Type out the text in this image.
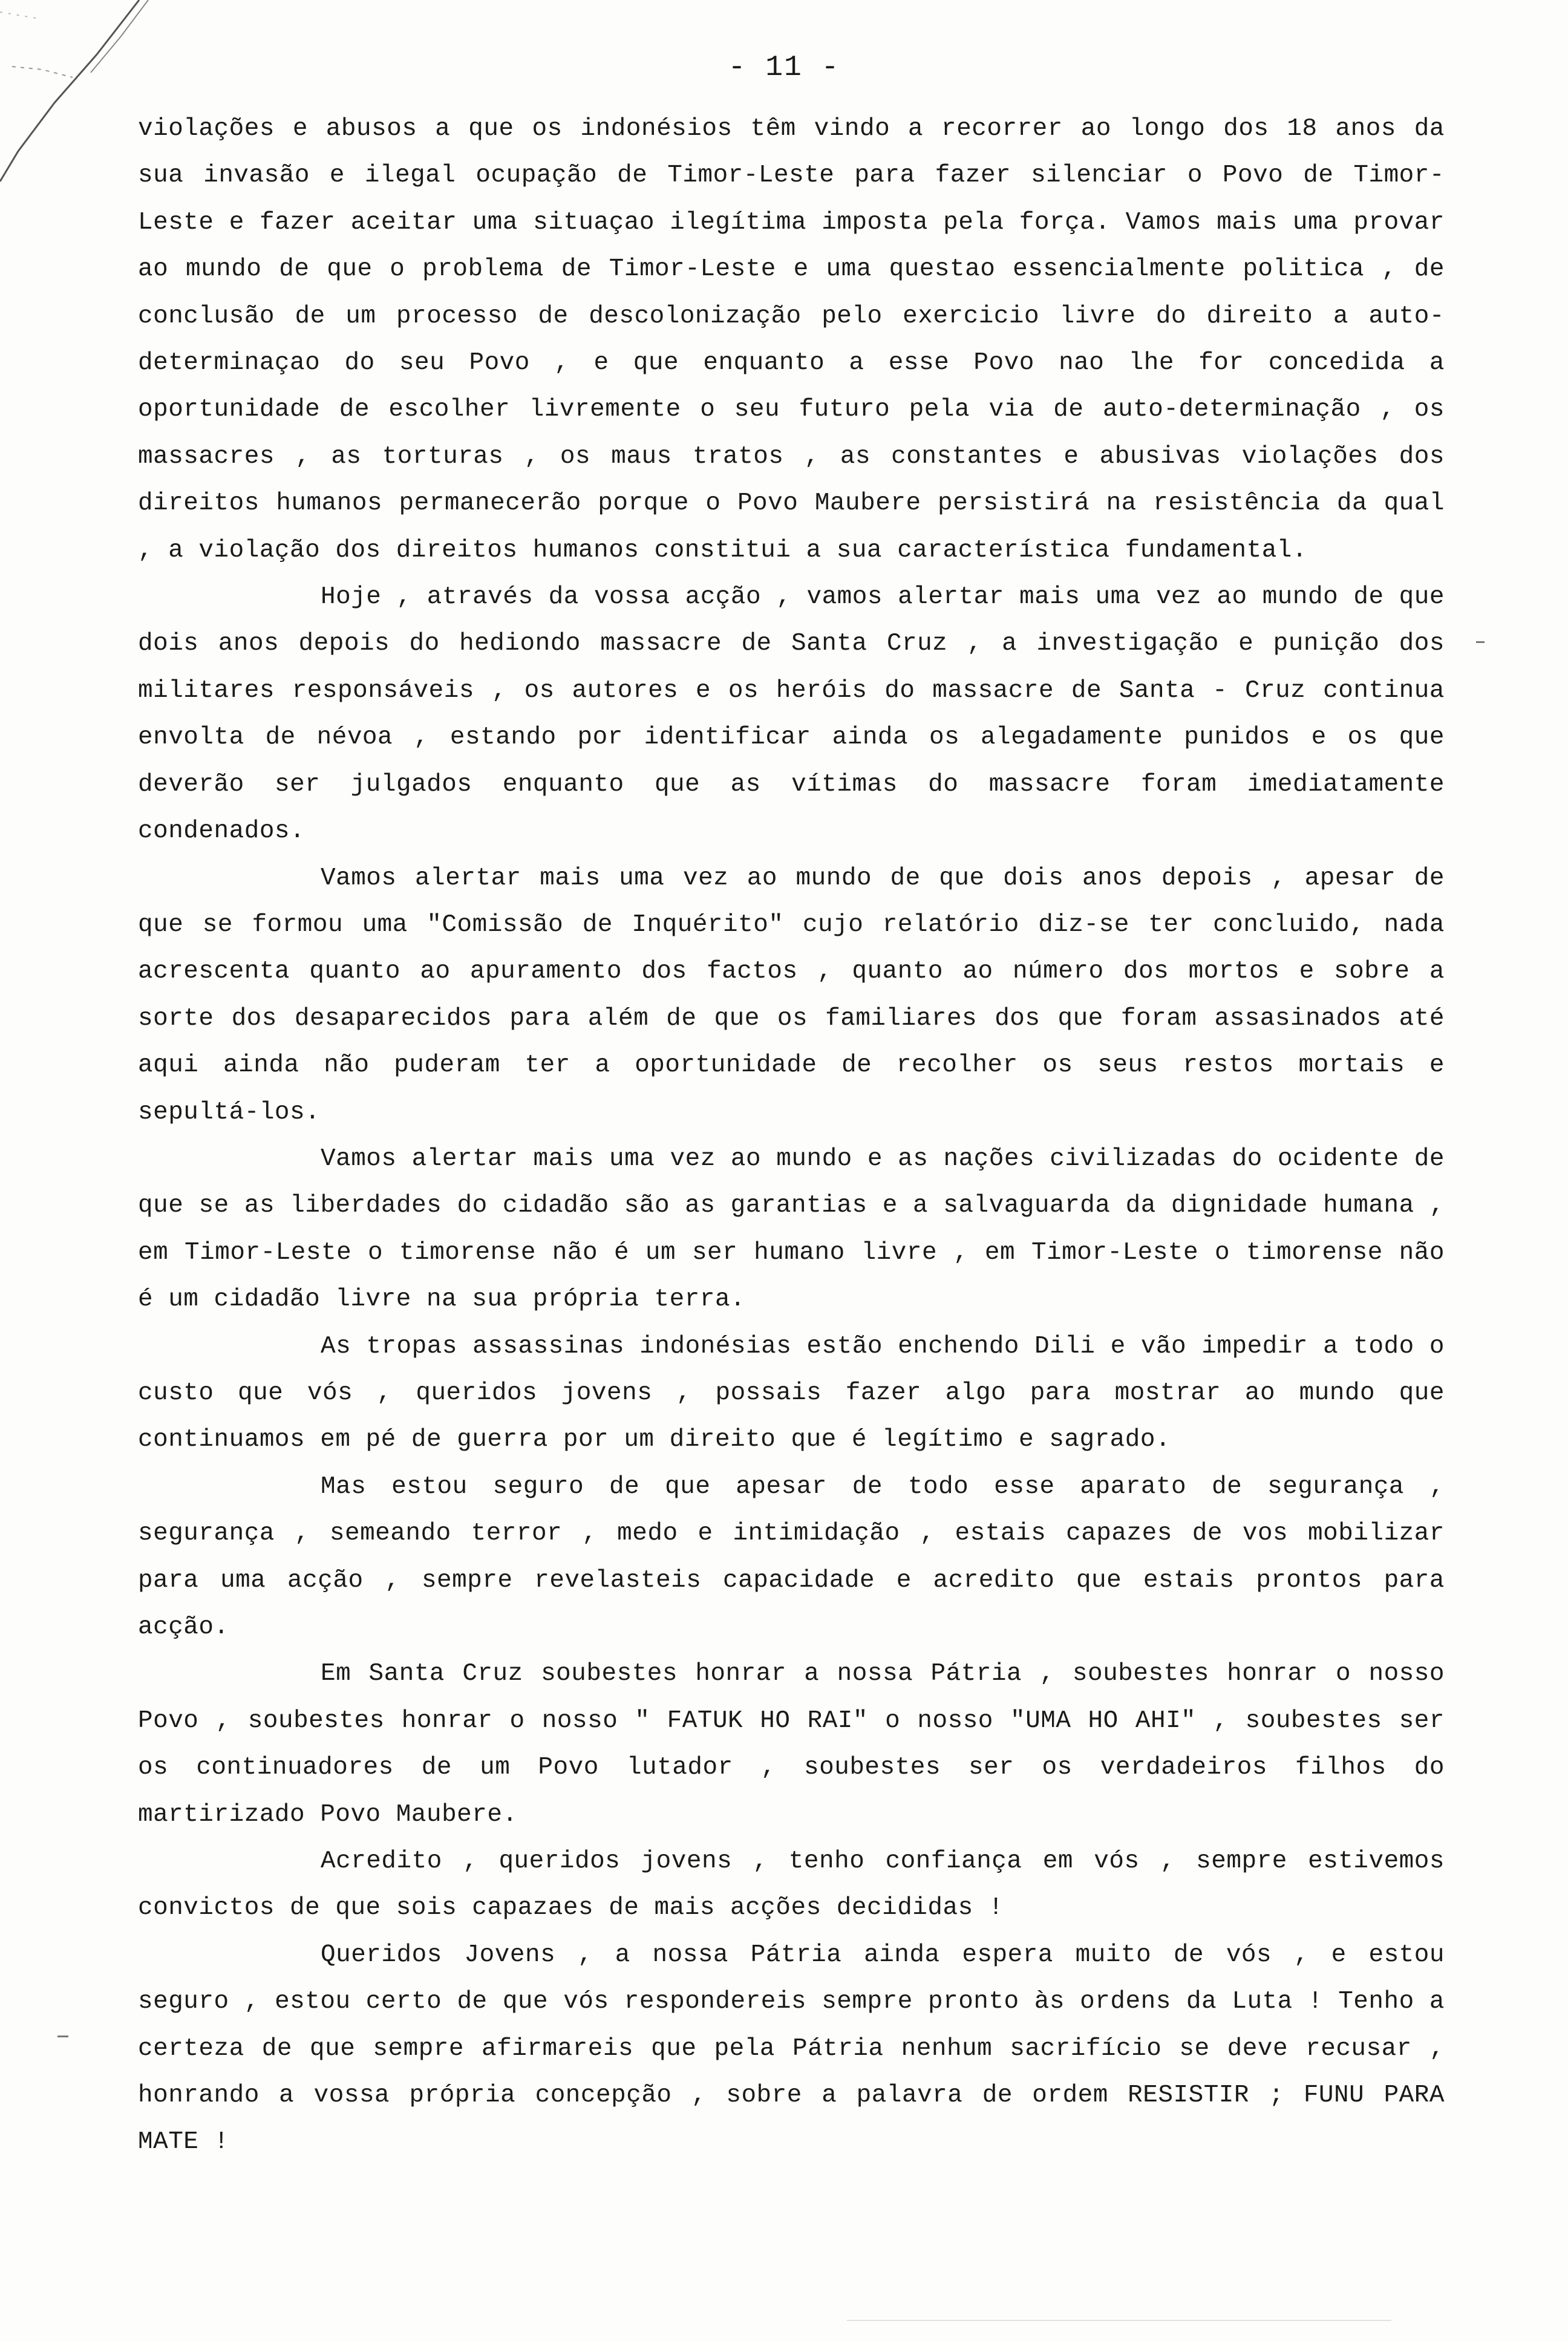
- 11 -

violações e abusos a que os indonésios têm vindo a recorrer ao longo dos 18 anos da sua invasão e ilegal ocupação de Timor-Leste para fazer silenciar o Povo de Timor-Leste e fazer aceitar uma situaçao ilegítima imposta pela força. Vamos mais uma provar ao mundo de que o problema de Timor-Leste e uma questao essencialmente politica , de conclusão de um processo de descolonização pelo exercicio livre do direito a auto-determinaçao do seu Povo , e que enquanto a esse Povo nao lhe for concedida a oportunidade de escolher livremente o seu futuro pela via de auto-determinação , os massacres , as torturas , os maus tratos , as constantes e abusivas violações dos direitos humanos permanecerão porque o Povo Maubere persistirá na resistência da qual , a violação dos direitos humanos constitui a sua característica fundamental.

Hoje , através da vossa acção , vamos alertar mais uma vez ao mundo de que dois anos depois do hediondo massacre de Santa Cruz , a investigação e punição dos militares responsáveis , os autores e os heróis do massacre de Santa - Cruz continua envolta de névoa , estando por identificar ainda os alegadamente punidos e os que deverão ser julgados enquanto que as vítimas do massacre foram imediatamente condenados.

Vamos alertar mais uma vez ao mundo de que dois anos depois , apesar de que se formou uma "Comissão de Inquérito" cujo relatório diz-se ter concluido, nada acrescenta quanto ao apuramento dos factos , quanto ao número dos mortos e sobre a sorte dos desaparecidos para além de que os familiares dos que foram assasinados até aqui ainda não puderam ter a oportunidade de recolher os seus restos mortais e sepultá-los.

Vamos alertar mais uma vez ao mundo e as nações civilizadas do ocidente de que se as liberdades do cidadão são as garantias e a salvaguarda da dignidade humana , em Timor-Leste o timorense não é um ser humano livre , em Timor-Leste o timorense não é um cidadão livre na sua própria terra.

As tropas assassinas indonésias estão enchendo Dili e vão impedir a todo o custo que vós , queridos jovens , possais fazer algo para mostrar ao mundo que continuamos em pé de guerra por um direito que é legítimo e sagrado.

Mas estou seguro de que apesar de todo esse aparato de segurança , segurança , semeando terror , medo e intimidação , estais capazes de vos mobilizar para uma acção , sempre revelasteis capacidade e acredito que estais prontos para acção.

Em Santa Cruz soubestes honrar a nossa Pátria , soubestes honrar o nosso Povo , soubestes honrar o nosso " FATUK HO RAI" o nosso "UMA HO AHI" , soubestes ser os continuadores de um Povo lutador , soubestes ser os verdadeiros filhos do martirizado Povo Maubere.

Acredito , queridos jovens , tenho confiança em vós , sempre estivemos convictos de que sois capazaes de mais acções decididas !

Queridos Jovens , a nossa Pátria ainda espera muito de vós , e estou seguro , estou certo de que vós respondereis sempre pronto às ordens da Luta ! Tenho a certeza de que sempre afirmareis que pela Pátria nenhum sacrifício se deve recusar , honrando a vossa própria concepção , sobre a palavra de ordem RESISTIR ; FUNU PARA MATE !
